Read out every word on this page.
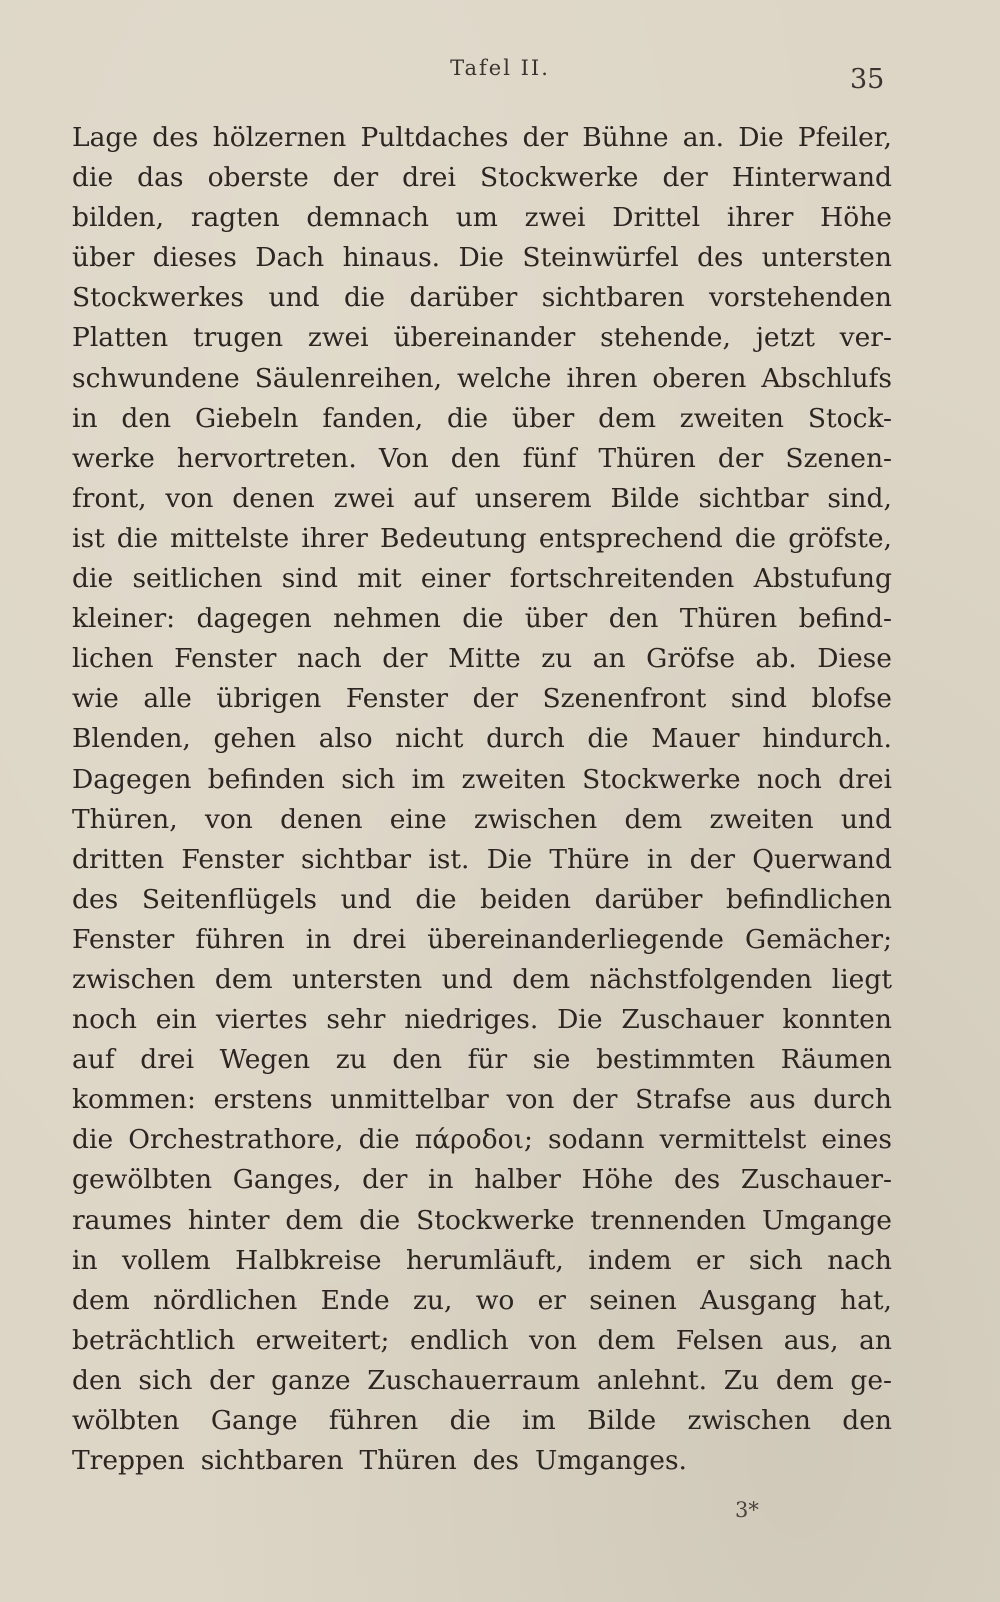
Tafel II.	35
Lage des hölzernen Pultdaches der Bühne an. Die Pfeiler,
die das oberste der drei Stockwerke der Hinterwand
bilden, ragten demnach um zwei Drittel ihrer Höhe
über dieses Dach hinaus. Die Steinwürfel des untersten
Stockwerkes und die darüber sichtbaren vorstehenden
Platten trugen zwei übereinander stehende, jetzt ver-
schwundene Säulenreihen, welche ihren oberen Abschlufs
in den Giebeln fanden, die über dem zweiten Stock-
werke hervortreten. Von den fünf Thüren der Szenen-
front, von denen zwei auf unserem Bilde sichtbar sind,
ist die mittelste ihrer Bedeutung entsprechend die gröfste,
die seitlichen sind mit einer fortschreitenden Abstufung
kleiner: dagegen nehmen die über den Thüren befind-
lichen Fenster nach der Mitte zu an Gröfse ab. Diese
wie alle übrigen Fenster der Szenenfront sind blofse
Blenden, gehen also nicht durch die Mauer hindurch.
Dagegen befinden sich im zweiten Stockwerke noch drei
Thüren, von denen eine zwischen dem zweiten und
dritten Fenster sichtbar ist. Die Thüre in der Querwand
des Seitenflügels und die beiden darüber befindlichen
Fenster führen in drei übereinanderliegende Gemächer;
zwischen dem untersten und dem nächstfolgenden liegt
noch ein viertes sehr niedriges. Die Zuschauer konnten
auf drei Wegen zu den für sie bestimmten Räumen
kommen: erstens unmittelbar von der Strafse aus durch
die Orchestrathore, die πάροδοι; sodann vermittelst eines
gewölbten Ganges, der in halber Höhe des Zuschauer-
raumes hinter dem die Stockwerke trennenden Umgange
in vollem Halbkreise herumläuft, indem er sich nach
dem nördlichen Ende zu, wo er seinen Ausgang hat,
beträchtlich erweitert; endlich von dem Felsen aus, an
den sich der ganze Zuschauerraum anlehnt. Zu dem ge-
wölbten Gange führen die im Bilde zwischen den
Treppen sichtbaren Thüren des Umganges.
3*
